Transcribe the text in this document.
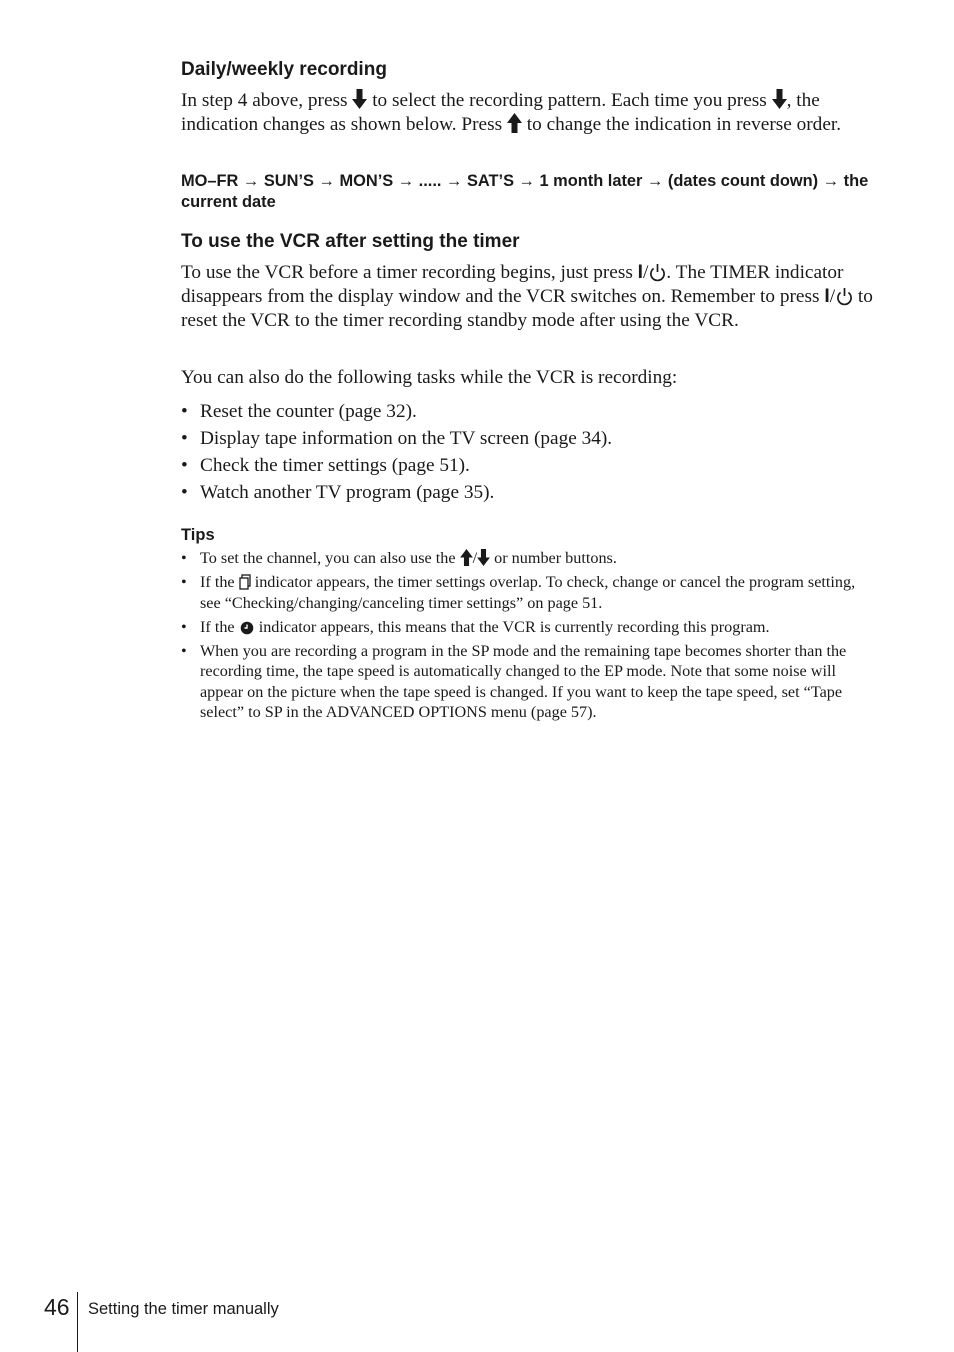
Daily/weekly recording
In step 4 above, press to select the recording pattern. Each time you press , the indication changes as shown below. Press to change the indication in reverse order.
MO–FR → SUN’S → MON’S → ..... → SAT’S → 1 month later → (dates count down) → the current date
To use the VCR after setting the timer
To use the VCR before a timer recording begins, just press I/ . The TIMER indicator disappears from the display window and the VCR switches on. Remember to press I/ to reset the VCR to the timer recording standby mode after using the VCR.
You can also do the following tasks while the VCR is recording:
• Reset the counter (page 32).
• Display tape information on the TV screen (page 34).
• Check the timer settings (page 51).
• Watch another TV program (page 35).
Tips
• To set the channel, you can also use the / or number buttons.
• If the indicator appears, the timer settings overlap. To check, change or cancel the program setting, see “Checking/changing/canceling timer settings” on page 51.
• If the indicator appears, this means that the VCR is currently recording this program.
• When you are recording a program in the SP mode and the remaining tape becomes shorter than the recording time, the tape speed is automatically changed to the EP mode. Note that some noise will appear on the picture when the tape speed is changed. If you want to keep the tape speed, set “Tape select” to SP in the ADVANCED OPTIONS menu (page 57).
46 Setting the timer manually
